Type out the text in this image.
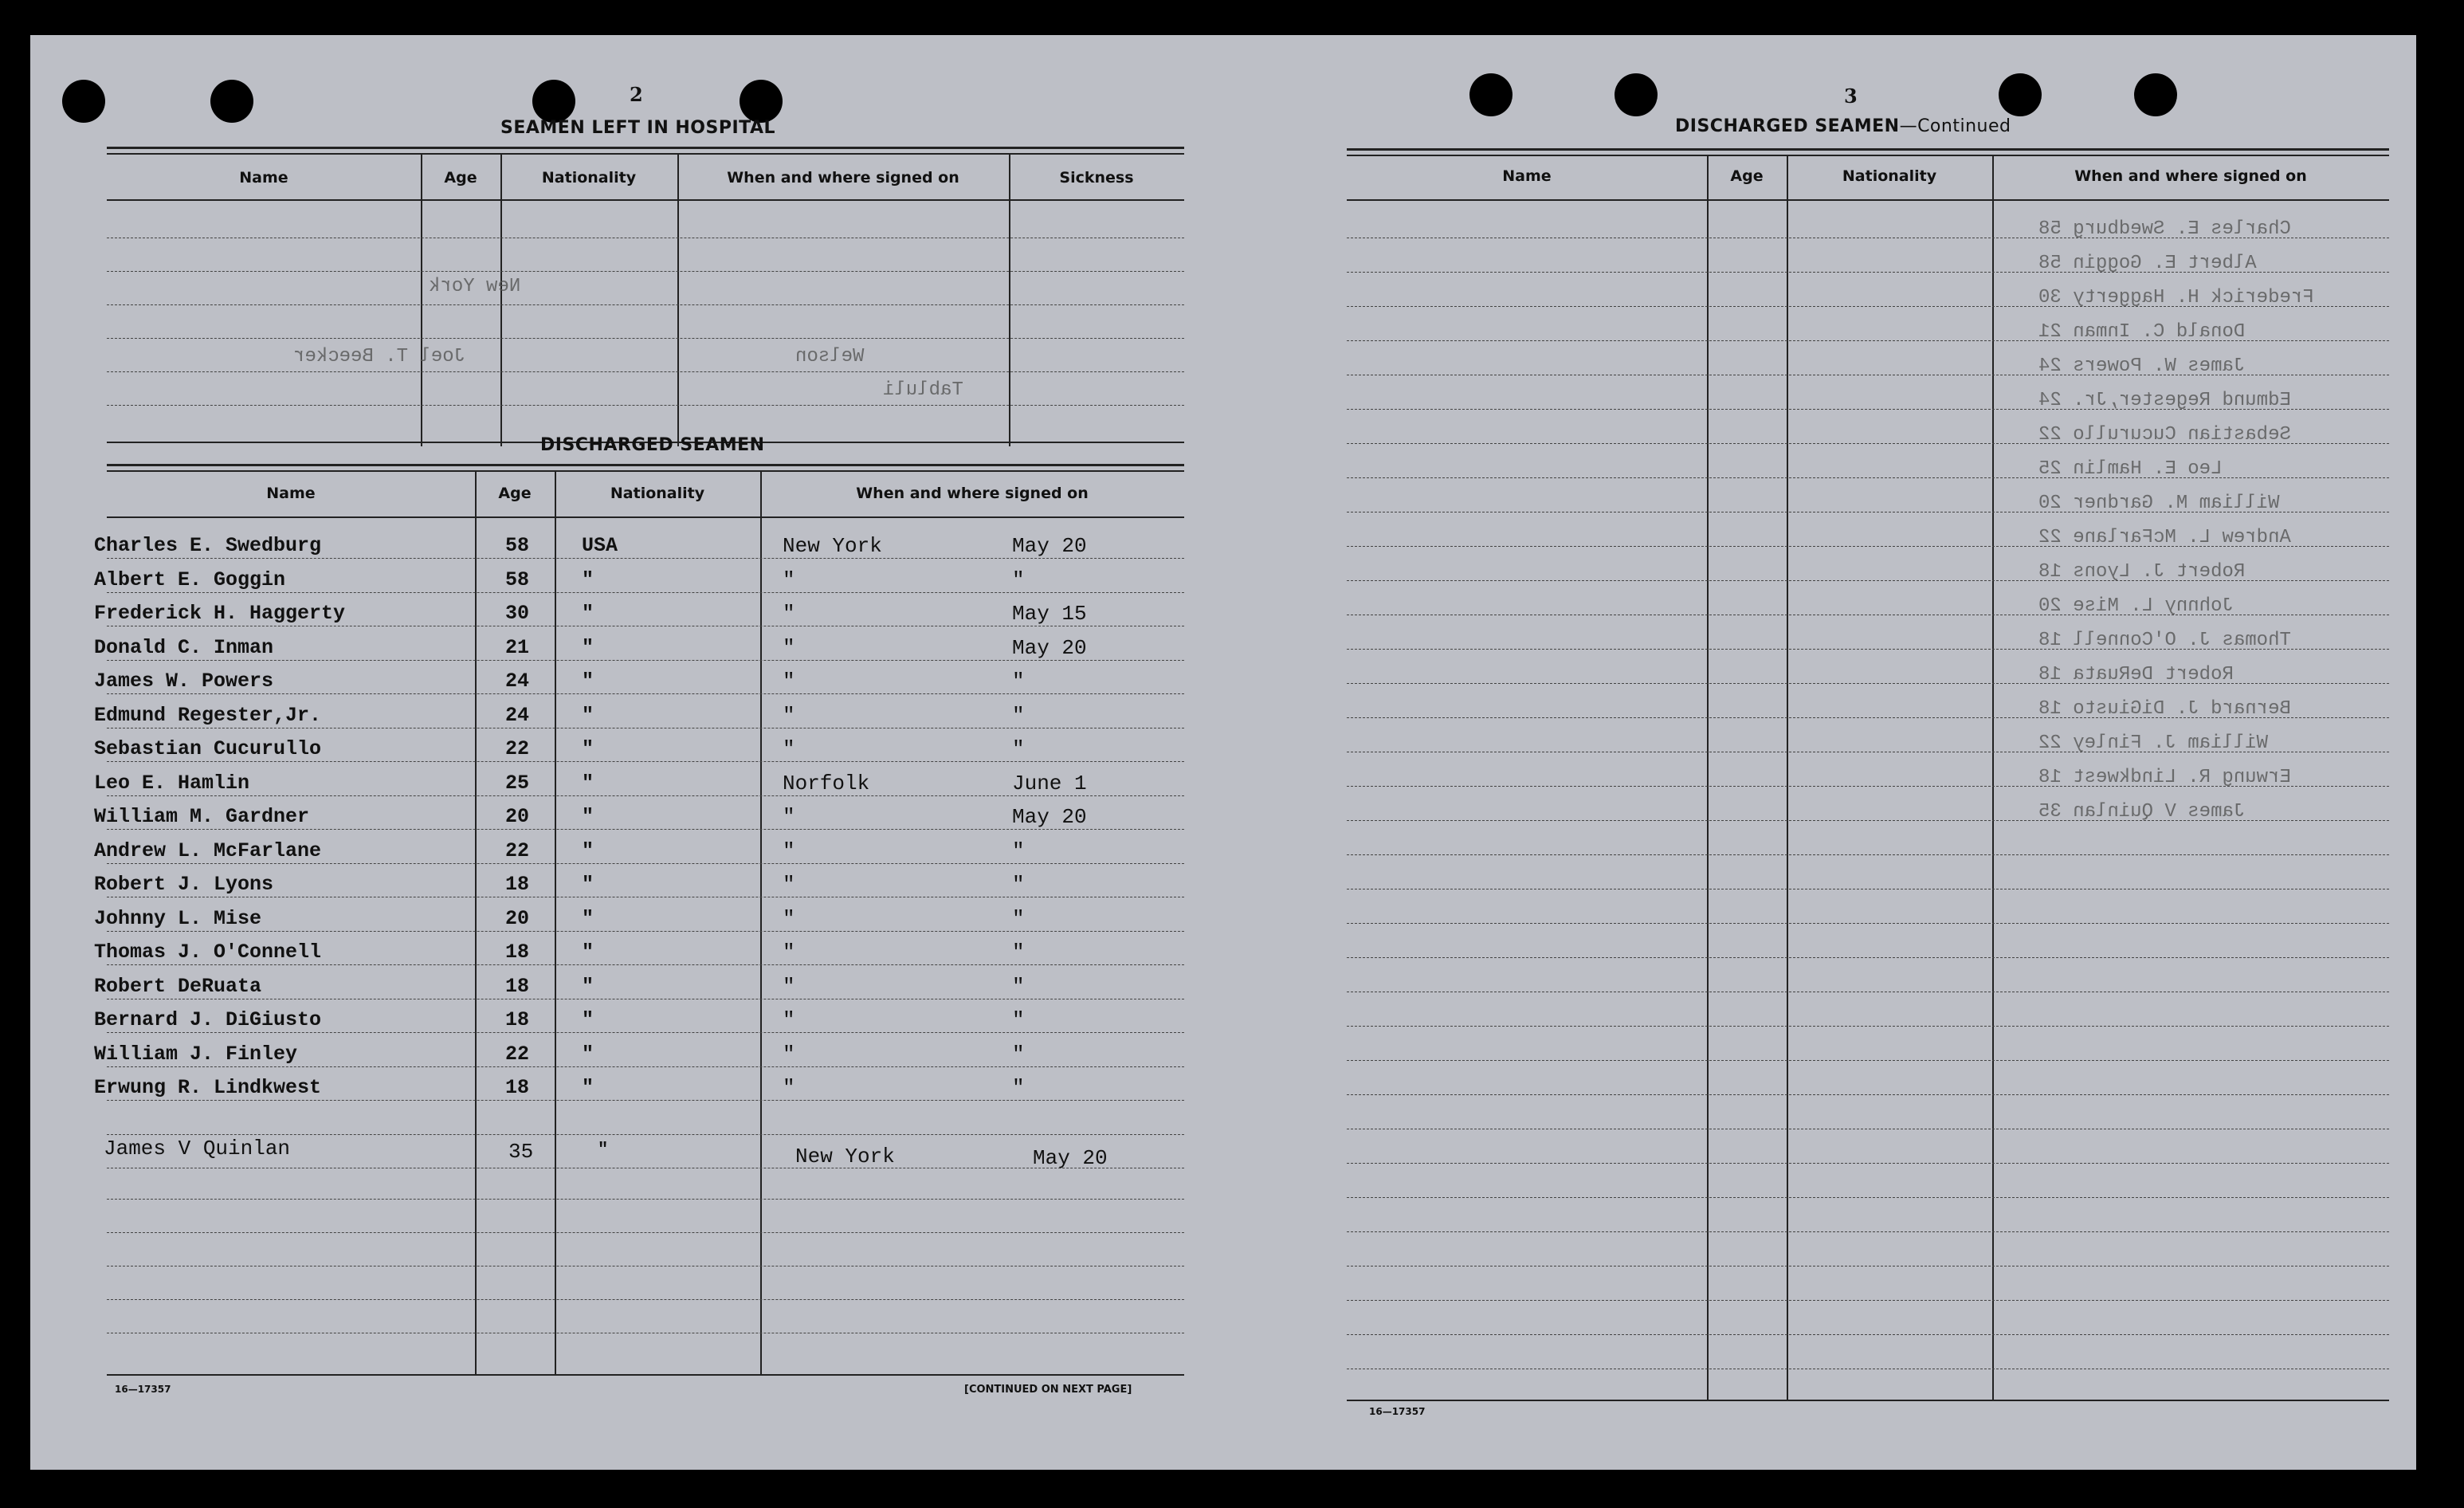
2
SEAMEN LEFT IN HOSPITAL
Name	Age	Nationality	When and where signed on	Sickness
DISCHARGED SEAMEN
Name	Age	Nationality	When and where signed on
Charles E. Swedburg	58	USA	New York	May 20
Albert E. Goggin	58	"	"	"
Frederick H. Haggerty	30	"	"	May 15
Donald C. Inman	21	"	"	May 20
James W. Powers	24	"	"	"
Edmund Regester,Jr.	24	"	"	"
Sebastian Cucurullo	22	"	"	"
Leo E. Hamlin	25	"	Norfolk	June 1
William M. Gardner	20	"	"	May 20
Andrew L. McFarlane	22	"	"	"
Robert J. Lyons	18	"	"	"
Johnny L. Mise	20	"	"	"
Thomas J. O'Connell	18	"	"	"
Robert DeRuata	18	"	"	"
Bernard J. DiGiusto	18	"	"	"
William J. Finley	22	"	"	"
Erwung R. Lindkwest	18	"	"	"
James V Quinlan	35	"	New York	May 20
16—17357	[CONTINUED ON NEXT PAGE]
New York
Joel T. Beecker	Welson
Tabluli
3
DISCHARGED SEAMEN—Continued
Name	Age	Nationality	When and where signed on
Charles E. Swedburg 58
Albert E. Goggin 58
Frederick H. Haggerty 30
Donald C. Inman 21
James W. Powers 24
Edmund Regester,Jr. 24
Sebastian Cucurullo 22
Leo E. Hamlin 25
William M. Gardner 20
Andrew L. McFarlane 22
Robert J. Lyons 18
Johnny L. Mise 20
Thomas J. O'Connell 18
Robert DeRuata 18
Bernard J. DiGiusto 18
William J. Finley 22
Erwung R. Lindkwest 18
James V Quinlan 35
16—17357
